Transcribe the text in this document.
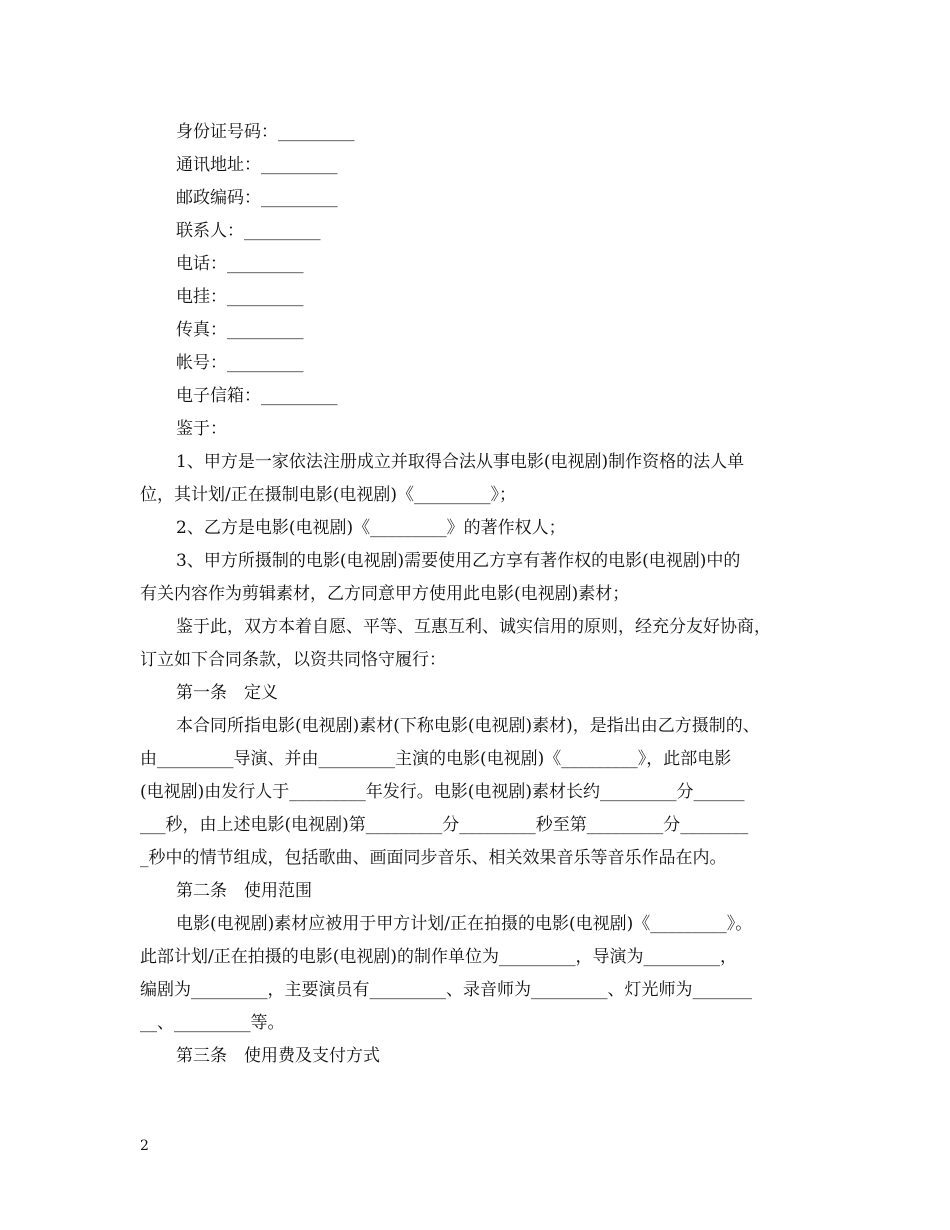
身份证号码：_________
通讯地址：_________
邮政编码：_________
联系人：_________
电话：_________
电挂：_________
传真：_________
帐号：_________
电子信箱：_________
鉴于：
1、甲方是一家依法注册成立并取得合法从事电影(电视剧)制作资格的法人单
位，其计划/正在摄制电影(电视剧)《_________》；
2、乙方是电影(电视剧)《_________》的著作权人；
3、甲方所摄制的电影(电视剧)需要使用乙方享有著作权的电影(电视剧)中的
有关内容作为剪辑素材，乙方同意甲方使用此电影(电视剧)素材；
鉴于此，双方本着自愿、平等、互惠互利、诚实信用的原则，经充分友好协商，
订立如下合同条款，以资共同恪守履行：
第一条　定义
本合同所指电影(电视剧)素材(下称电影(电视剧)素材)，是指出由乙方摄制的、
由_________导演、并由_________主演的电影(电视剧)《_________》，此部电影
(电视剧)由发行人于_________年发行。电影(电视剧)素材长约_________分______
___秒，由上述电影(电视剧)第_________分_________秒至第_________分________
_秒中的情节组成，包括歌曲、画面同步音乐、相关效果音乐等音乐作品在内。
第二条　使用范围
电影(电视剧)素材应被用于甲方计划/正在拍摄的电影(电视剧)《_________》。
此部计划/正在拍摄的电影(电视剧)的制作单位为_________，导演为_________，
编剧为_________，主要演员有_________、录音师为_________、灯光师为_______
__、_________等。
第三条　使用费及支付方式
2
